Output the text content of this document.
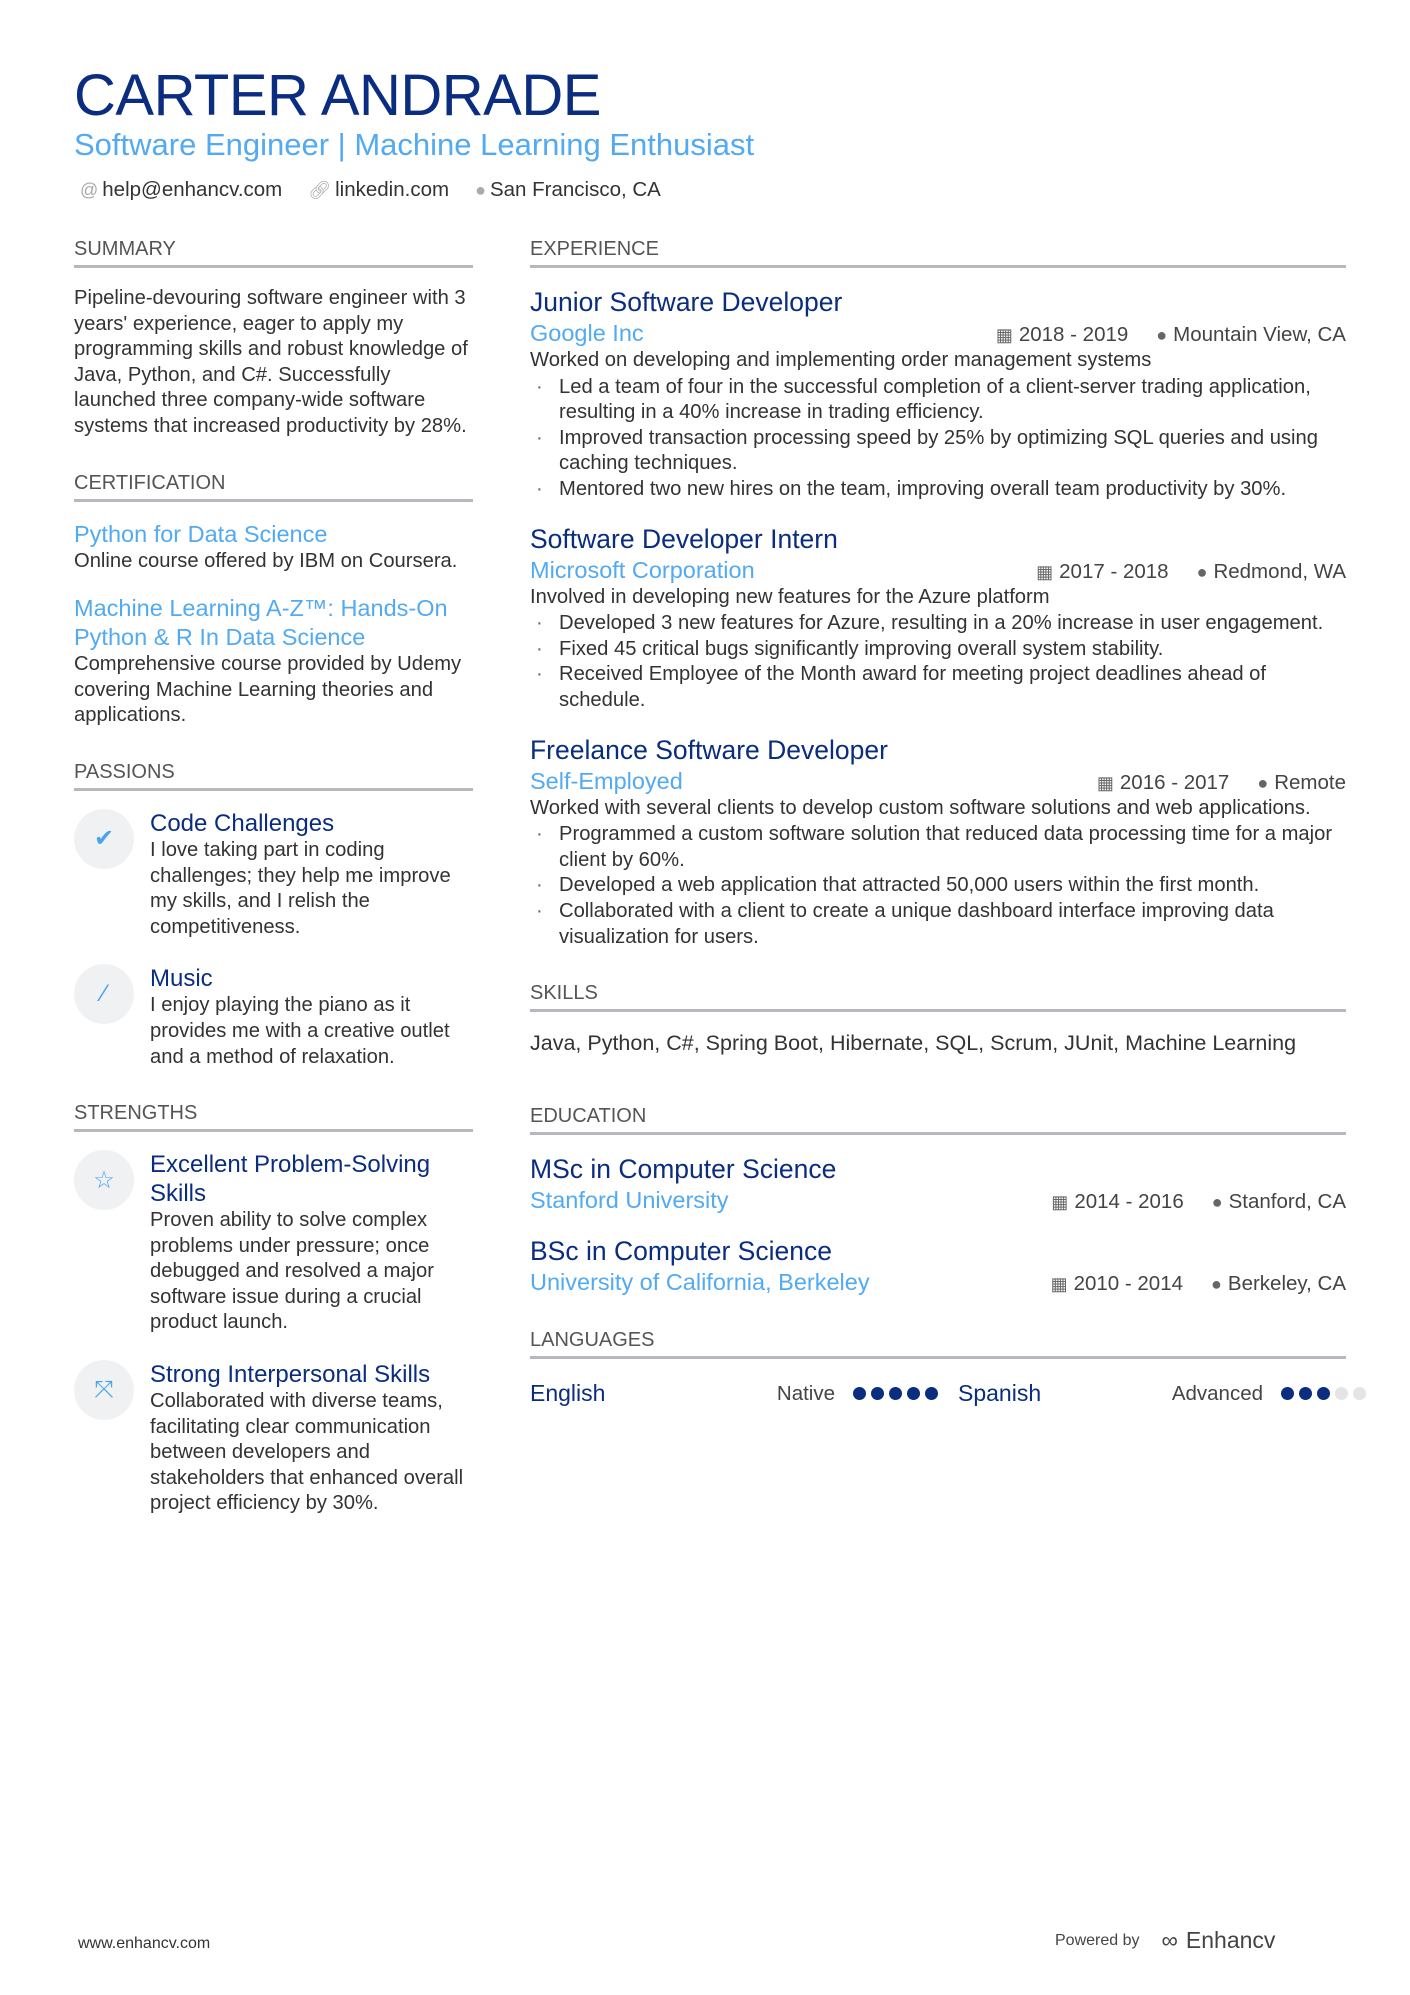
CARTER ANDRADE
Software Engineer | Machine Learning Enthusiast
@ help@enhancv.com 🔗︎ linkedin.com ● San Francisco, CA
SUMMARY

Pipeline-devouring software engineer with 3 years' experience, eager to apply my programming skills and robust knowledge of Java, Python, and C#. Successfully launched three company-wide software systems that increased productivity by 28%.

CERTIFICATION
Python for Data Science

Online course offered by IBM on Coursera.

Machine Learning A-Z™: Hands-On Python & R In Data Science

Comprehensive course provided by Udemy covering Machine Learning theories and applications.

PASSIONS
✔
Code Challenges

I love taking part in coding challenges; they help me improve my skills, and I relish the competitiveness.

⁄
Music

I enjoy playing the piano as it provides me with a creative outlet and a method of relaxation.

STRENGTHS
☆
Excellent Problem-Solving Skills

Proven ability to solve complex problems under pressure; once debugged and resolved a major software issue during a crucial product launch.

⤧
Strong Interpersonal Skills

Collaborated with diverse teams, facilitating clear communication between developers and stakeholders that enhanced overall project efficiency by 30%.

EXPERIENCE
Junior Software Developer
Google Inc	▦ 2018 - 2019 ● Mountain View, CA

Worked on developing and implementing order management systems

· Led a team of four in the successful completion of a client-server trading application, resulting in a 40% increase in trading efficiency.
· Improved transaction processing speed by 25% by optimizing SQL queries and using caching techniques.
· Mentored two new hires on the team, improving overall team productivity by 30%.
Software Developer Intern
Microsoft Corporation	▦ 2017 - 2018 ● Redmond, WA

Involved in developing new features for the Azure platform

· Developed 3 new features for Azure, resulting in a 20% increase in user engagement.
· Fixed 45 critical bugs significantly improving overall system stability.
· Received Employee of the Month award for meeting project deadlines ahead of schedule.
Freelance Software Developer
Self-Employed	▦ 2016 - 2017 ● Remote

Worked with several clients to develop custom software solutions and web applications.

· Programmed a custom software solution that reduced data processing time for a major client by 60%.
· Developed a web application that attracted 50,000 users within the first month.
· Collaborated with a client to create a unique dashboard interface improving data visualization for users.
SKILLS

Java, Python, C#, Spring Boot, Hibernate, SQL, Scrum, JUnit, Machine Learning

EDUCATION
MSc in Computer Science
Stanford University	▦ 2014 - 2016 ● Stanford, CA
BSc in Computer Science
University of California, Berkeley	▦ 2010 - 2014 ● Berkeley, CA
LANGUAGES
English	Native	Spanish	Advanced
www.enhancv.com	Powered by ∞ Enhancv
